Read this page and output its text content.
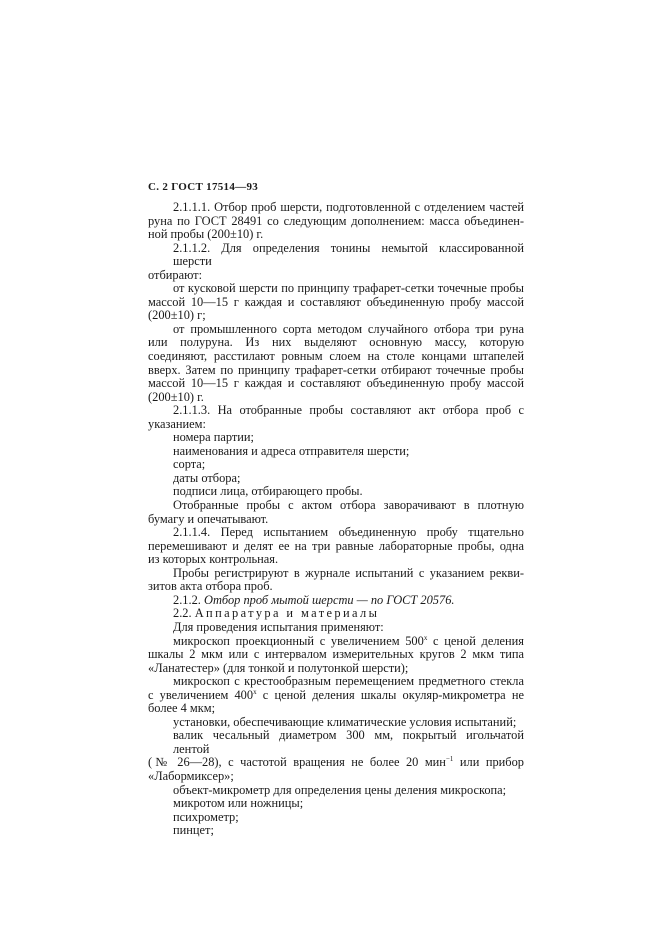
С. 2 ГОСТ 17514—93

2.1.1.1. Отбор проб шерсти, подготовленной с отделением частей

руна по ГОСТ 28491 со следующим дополнением: масса объединен-

ной пробы (200±10) г.

2.1.1.2. Для определения тонины немытой классированной шерсти

отбирают:

от кусковой шерсти по принципу трафарет-сетки точечные пробы

массой 10—15 г каждая и составляют объединенную пробу массой

(200±10) г;

от промышленного сорта методом случайного отбора три руна

или полуруна. Из них выделяют основную массу, которую

соединяют, расстилают ровным слоем на столе концами штапелей

вверх. Затем по принципу трафарет-сетки отбирают точечные пробы

массой 10—15 г каждая и составляют объединенную пробу массой

(200±10) г.

2.1.1.3. На отобранные пробы составляют акт отбора проб с

указанием:

номера партии;

наименования и адреса отправителя шерсти;

сорта;

даты отбора;

подписи лица, отбирающего пробы.

Отобранные пробы с актом отбора заворачивают в плотную

бумагу и опечатывают.

2.1.1.4. Перед испытанием объединенную пробу тщательно

перемешивают и делят ее на три равные лабораторные пробы, одна

из которых контрольная.

Пробы регистрируют в журнале испытаний с указанием рекви-

зитов акта отбора проб.

2.1.2. Отбор проб мытой шерсти — по ГОСТ 20576.

2.2. Аппаратура и материалы

Для проведения испытания применяют:

микроскоп проекционный с увеличением $500^х$ с ценой деления

шкалы 2 мкм или с интервалом измерительных кругов 2 мкм типа

«Ланатестер» (для тонкой и полутонкой шерсти);

микроскоп с крестообразным перемещением предметного стекла

с увеличением $400^х$ с ценой деления шкалы окуляр-микрометра не

более 4 мкм;

установки, обеспечивающие климатические условия испытаний;

валик чесальный диаметром 300 мм, покрытый игольчатой лентой

(№ 26—28), с частотой вращения не более 20 мин$^{-1}$ или прибор

«Лабормиксер»;

объект-микрометр для определения цены деления микроскопа;

микротом или ножницы;

психрометр;

пинцет;
